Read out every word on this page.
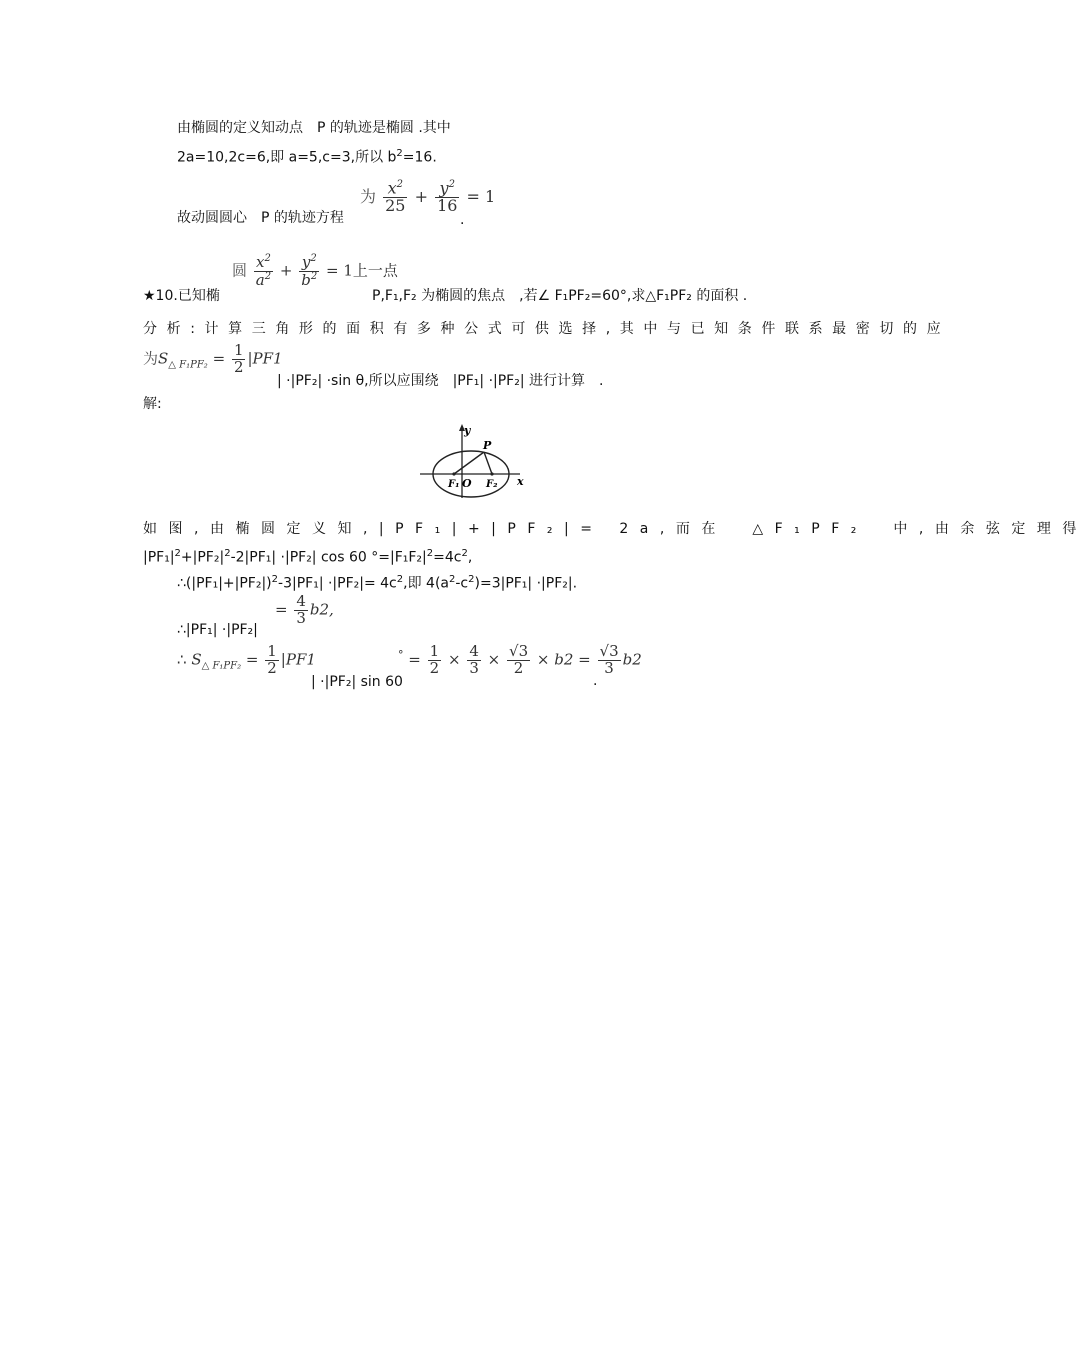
由椭圆的定义知动点　P 的轨迹是椭圆 .其中
2a=10,2c=6,即 a=5,c=3,所以 $b^2=16$.
故动圆圆心　P 的轨迹方程
为 $\frac{x^2}{25} + \frac{y^2}{16} = 1$
.
★10.已知椭
圆 $\frac{x^2}{a^2} + \frac{y^2}{b^2} = 1$上一点
P,F₁,F₂ 为椭圆的焦点　,若∠ F₁PF₂=60°,求△F₁PF₂ 的面积 .
分析:计算三角形的面积有多种公式可供选择,其中与已知条件联系最密切的应
为$S_{\triangle F_1PF_2} = \frac{1}{2} |PF1$
| ·|PF₂| ·sin θ,所以应围绕　|PF₁| ·|PF₂| 进行计算　.
解:
y
x
P
F₁ O F₂
如图,由椭圆定义知,|PF₁|+|PF₂|= 2a,而在　△F₁PF₂　中,由余弦定理得
$|PF_1|^2+|PF_2|^2-2|PF_1| \cdot|PF_2|$ cos 60 $^\circ=|F_1F_2|^2=4c^2$,
$\therefore(|PF_1|+|PF_2|)^2-3|PF_1| \cdot|PF_2|= 4c^2$,即 $4(a^2-c^2)=3|PF_1| \cdot|PF_2|$.
∴|PF₁| ·|PF₂|
= $\frac{4}{3} b2$,
∴ $S_{\triangle F_1PF_2} = \frac{1}{2} |PF1$	$^\circ = \frac{1}{2} \times \frac{4}{3} \times \frac{√3}{2} \times b2 = \frac{√3}{3} b2$
| ·|PF₂| sin 60	.
